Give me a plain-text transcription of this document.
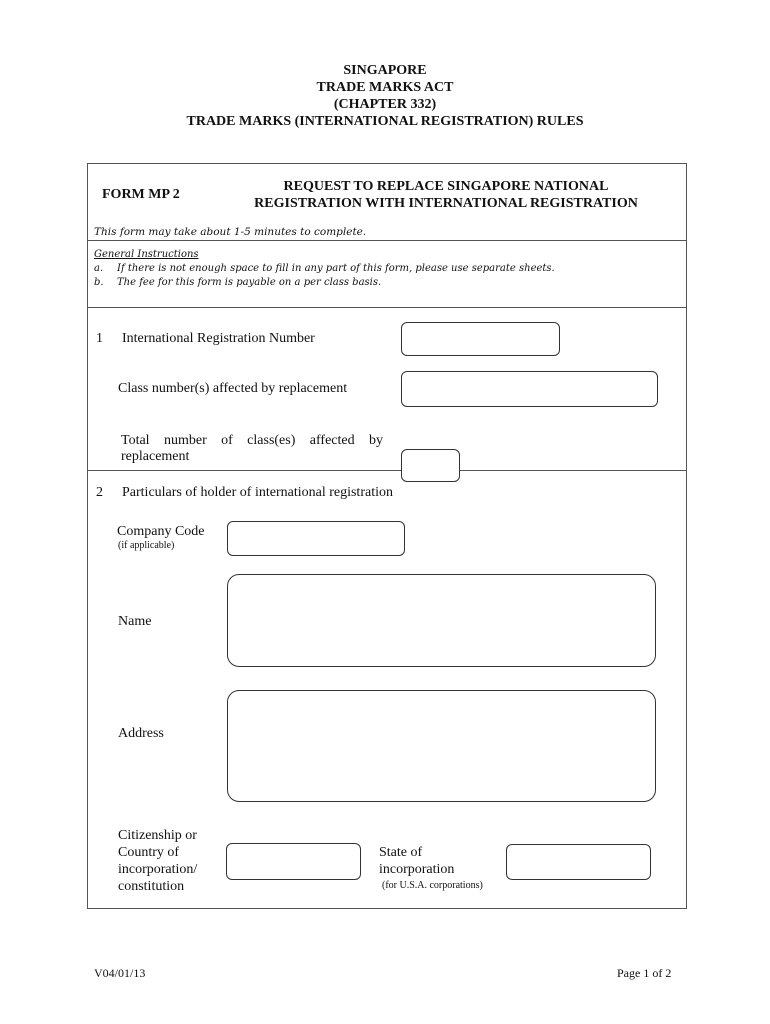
SINGAPORE
TRADE MARKS ACT
(CHAPTER 332)
TRADE MARKS (INTERNATIONAL REGISTRATION) RULES
FORM MP 2
REQUEST TO REPLACE SINGAPORE NATIONAL
REGISTRATION WITH INTERNATIONAL REGISTRATION
This form may take about 1-5 minutes to complete.
General Instructions
a. If there is not enough space to fill in any part of this form, please use separate sheets.
b. The fee for this form is payable on a per class basis.
1 International Registration Number
Class number(s) affected by replacement
Total number of class(es) affected by
replacement
2 Particulars of holder of international registration
Company Code
(if applicable)
Name
Address
Citizenship or
Country of
incorporation/
constitution
State of
incorporation
(for U.S.A. corporations)
V04/01/13	Page 1 of 2
